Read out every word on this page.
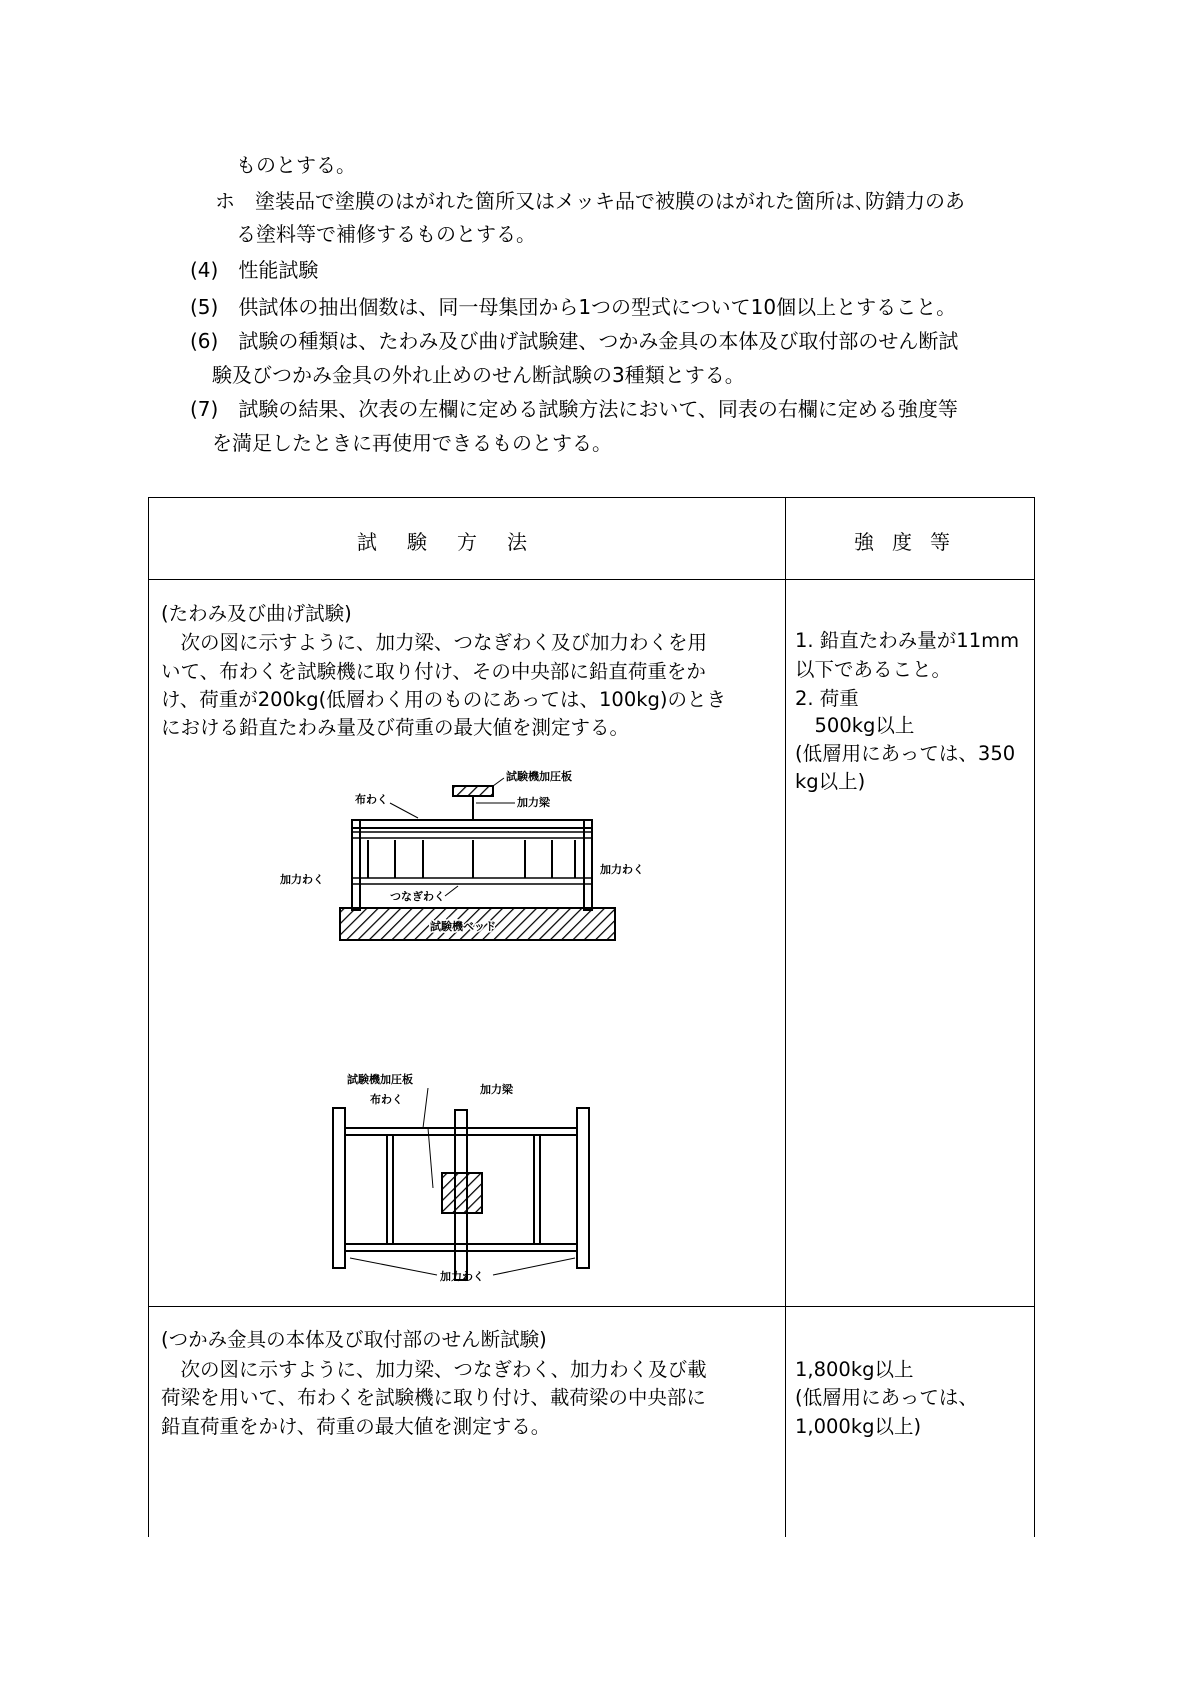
ものとする。
ホ　塗装品で塗膜のはがれた箇所又はメッキ品で被膜のはがれた箇所は､防錆力のあ
る塗料等で補修するものとする。
(4)　性能試験
(5)　供試体の抽出個数は、同一母集団から1つの型式について10個以上とすること。
(6)　試験の種類は、たわみ及び曲げ試験建、つかみ金具の本体及び取付部のせん断試
験及びつかみ金具の外れ止めのせん断試験の3種類とする。
(7)　試験の結果、次表の左欄に定める試験方法において、同表の右欄に定める強度等
を満足したときに再使用できるものとする。
試験方法	強度等
(たわみ及び曲げ試験)
　次の図に示すように、加力梁、つなぎわく及び加力わくを用
いて、布わくを試験機に取り付け、その中央部に鉛直荷重をか
け、荷重が200kg(低層わく用のものにあっては、100kg)のとき
における鉛直たわみ量及び荷重の最大値を測定する。
1. 鉛直たわみ量が11mm
以下であること。
2. 荷重
　500kg以上
(低層用にあっては、350
kg以上)
試験機ベッド
試験機加圧板
加力梁
布わく
加力わく
加力わく
つなぎわく
試験機加圧板
加力梁
布わく
加力わく
(つかみ金具の本体及び取付部のせん断試験)
　次の図に示すように、加力梁、つなぎわく、加力わく及び載
荷梁を用いて、布わくを試験機に取り付け、載荷梁の中央部に
鉛直荷重をかけ、荷重の最大値を測定する。
1,800kg以上
(低層用にあっては、
1,000kg以上)
